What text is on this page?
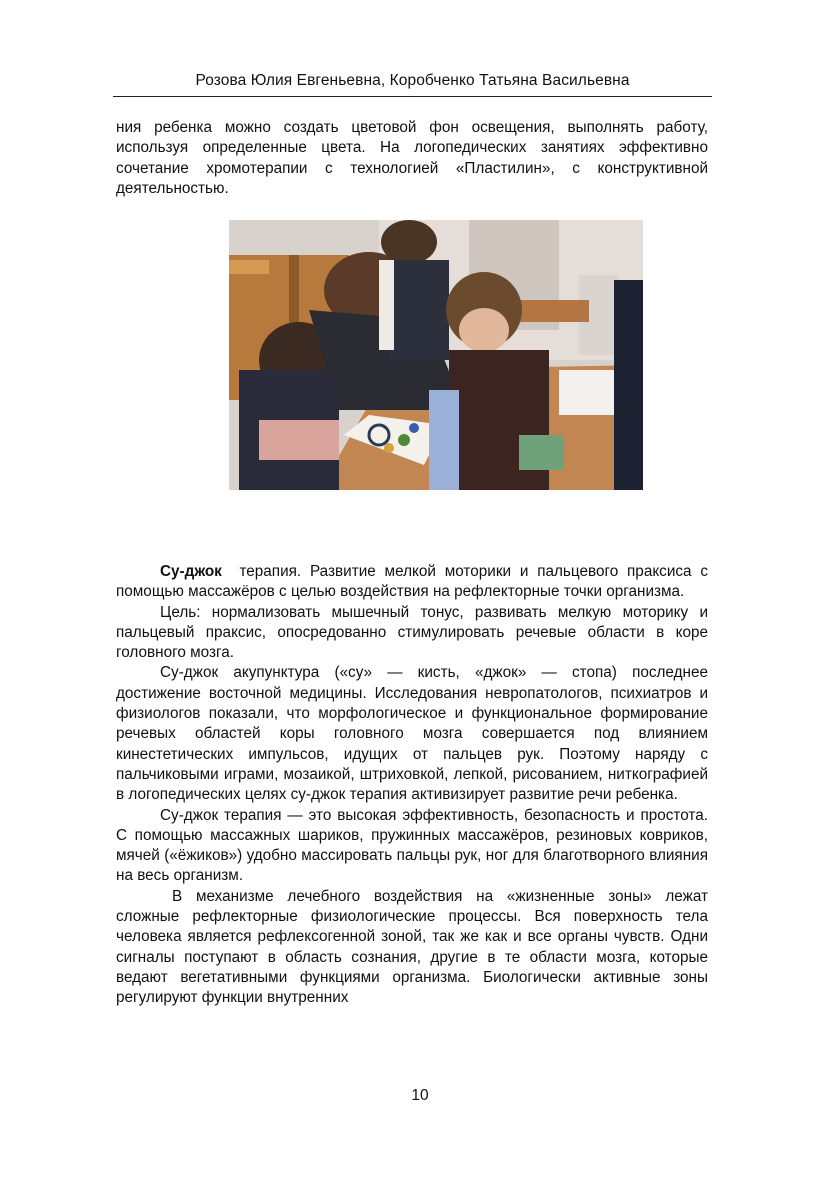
Розова Юлия Евгеньевна, Коробченко Татьяна Васильевна

ния ребенка можно создать цветовой фон освещения, выполнять работу, используя определенные цвета. На логопедических занятиях эффективно сочетание хромотерапии с технологией «Пластилин», с конструктивной деятельностью.

Су-джок  терапия. Развитие мелкой моторики и пальцевого праксиса с помощью массажёров с целью воздействия на рефлекторные точки организма.

Цель: нормализовать мышечный тонус, развивать мелкую моторику и пальцевый праксис, опосредованно стимулировать речевые области в коре головного мозга.

Су-джок акупунктура («су» — кисть, «джок» — стопа) последнее достижение восточной медицины. Исследования невропатологов, психиатров и физиологов показали, что морфологическое и функциональное формирование речевых областей коры головного мозга совершается под влиянием кинестетических импульсов, идущих от пальцев рук. Поэтому наряду с пальчиковыми играми, мозаикой, штриховкой, лепкой, рисованием, ниткографией в логопедических целях су-джок терапия активизирует развитие речи ребенка.

Су-джок терапия — это высокая эффективность, безопасность и простота. С помощью массажных шариков, пружинных массажёров, резиновых ковриков, мячей («ёжиков») удобно массировать пальцы рук, ног для благотворного влияния на весь организм.

В механизме лечебного воздействия на «жизненные зоны» лежат сложные рефлекторные физиологические процессы. Вся поверхность тела человека является рефлексогенной зоной, так же как и все органы чувств. Одни сигналы поступают в область сознания, другие в те области мозга, которые ведают вегетативными функциями организма. Биологически активные зоны регулируют функции внутренних

10
